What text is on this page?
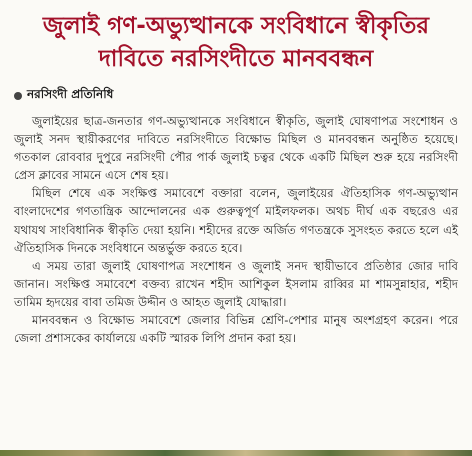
জুলাই গণ-অভ্যুত্থানকে সংবিধানে স্বীকৃতির দাবিতে নরসিংদীতে মানববন্ধন
নরসিংদী প্রতিনিধি

জুলাইয়ের ছাত্র-জনতার গণ-অভ্যুত্থানকে সংবিধানে স্বীকৃতি, জুলাই ঘোষণাপত্র সংশোধন ও জুলাই সনদ স্থায়ীকরণের দাবিতে নরসিংদীতে বিক্ষোভ মিছিল ও মানববন্ধন অনুষ্ঠিত হয়েছে। গতকাল রোববার দুপুরে নরসিংদী পৌর পার্ক জুলাই চত্বর থেকে একটি মিছিল শুরু হয়ে নরসিংদী প্রেস ক্লাবের সামনে এসে শেষ হয়।

মিছিল শেষে এক সংক্ষিপ্ত সমাবেশে বক্তারা বলেন, জুলাইয়ের ঐতিহাসিক গণ-অভ্যুত্থান বাংলাদেশের গণতান্ত্রিক আন্দোলনের এক গুরুত্বপূর্ণ মাইলফলক। অথচ দীর্ঘ এক বছরেও এর যথাযথ সাংবিধানিক স্বীকৃতি দেয়া হয়নি। শহীদের রক্তে অর্জিত গণতন্ত্রকে সুসংহত করতে হলে এই ঐতিহাসিক দিনকে সংবিধানে অন্তর্ভুক্ত করতে হবে।

এ সময় তারা জুলাই ঘোষণাপত্র সংশোধন ও জুলাই সনদ স্থায়ীভাবে প্রতিষ্ঠার জোর দাবি জানান। সংক্ষিপ্ত সমাবেশে বক্তব্য রাখেন শহীদ আশিকুল ইসলাম রাব্বির মা শামসুন্নাহার, শহীদ তামিম হৃদয়ের বাবা তমিজ উদ্দীন ও আহত জুলাই যোদ্ধারা।

মানববন্ধন ও বিক্ষোভ সমাবেশে জেলার বিভিন্ন শ্রেণি-পেশার মানুষ অংশগ্রহণ করেন। পরে জেলা প্রশাসকের কার্যালয়ে একটি স্মারক লিপি প্রদান করা হয়।
